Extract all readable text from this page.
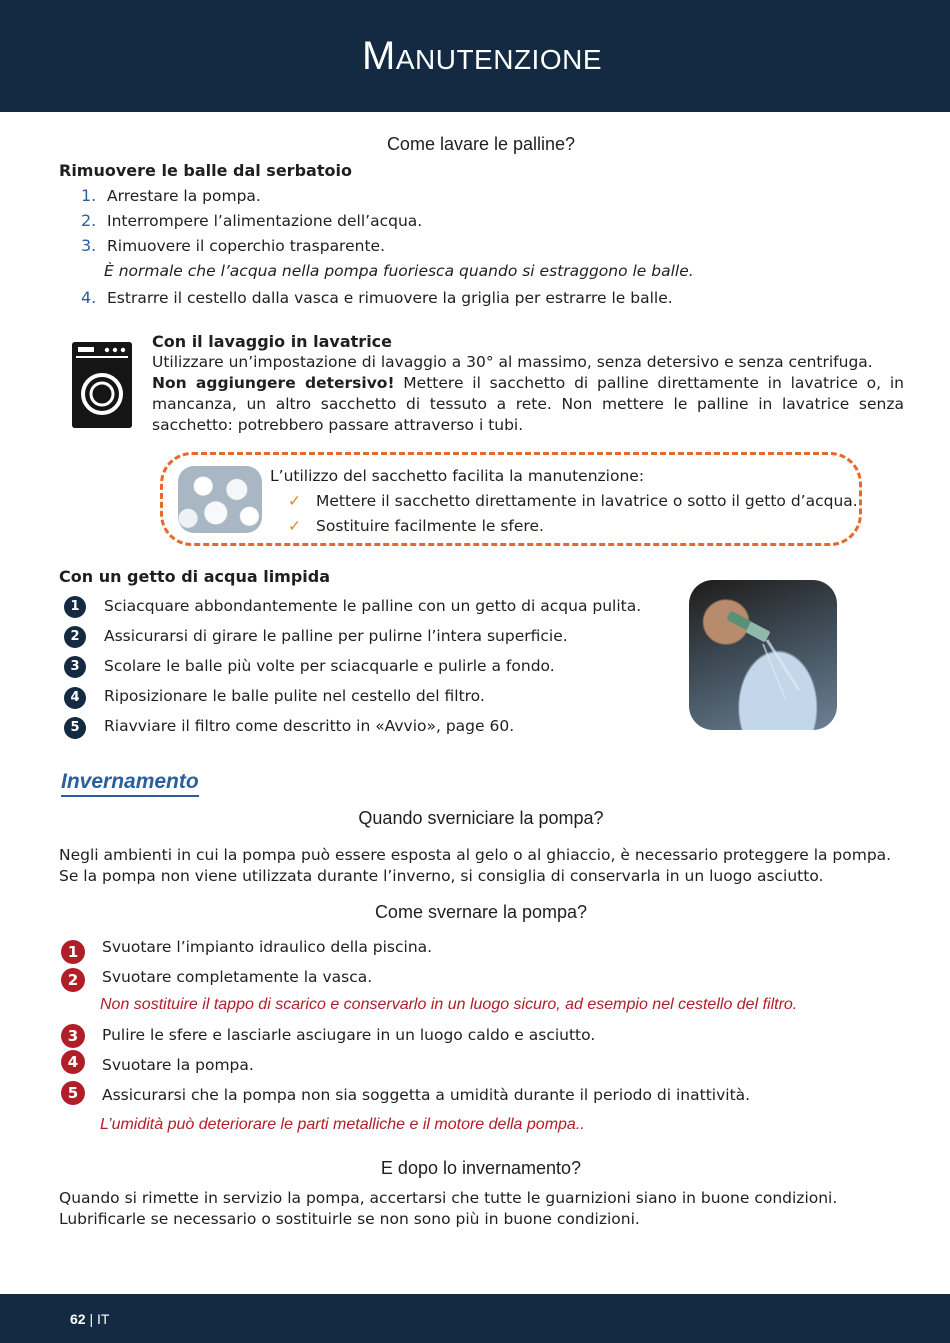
Manutenzione
Come lavare le palline?
Rimuovere le balle dal serbatoio
1. Arrestare la pompa.
2. Interrompere l’alimentazione dell’acqua.
3. Rimuovere il coperchio trasparente.
È normale che l’acqua nella pompa fuoriesca quando si estraggono le balle.
4. Estrarre il cestello dalla vasca e rimuovere la griglia per estrarre le balle.
Con il lavaggio in lavatrice
Utilizzare un’impostazione di lavaggio a 30° al massimo, senza detersivo e senza centrifuga.
Non aggiungere detersivo! Mettere il sacchetto di palline direttamente in lavatrice o, in mancanza, un altro sacchetto di tessuto a rete. Non mettere le palline in lavatrice senza sacchetto: potrebbero passare attraverso i tubi.
L’utilizzo del sacchetto facilita la manutenzione:
✓ Mettere il sacchetto direttamente in lavatrice o sotto il getto d’acqua.
✓ Sostituire facilmente le sfere.
Con un getto di acqua limpida
1	Sciacquare abbondantemente le palline con un getto di acqua pulita.
2	Assicurarsi di girare le palline per pulirne l’intera superficie.
3	Scolare le balle più volte per sciacquarle e pulirle a fondo.
4	Riposizionare le balle pulite nel cestello del filtro.
5	Riavviare il filtro come descritto in «Avvio», page 60.
Invernamento
Quando sverniciare la pompa?
Negli ambienti in cui la pompa può essere esposta al gelo o al ghiaccio, è necessario proteggere la pompa.
Se la pompa non viene utilizzata durante l’inverno, si consiglia di conservarla in un luogo asciutto.
Come svernare la pompa?
1	Svuotare l’impianto idraulico della piscina.
2	Svuotare completamente la vasca.
Non sostituire il tappo di scarico e conservarlo in un luogo sicuro, ad esempio nel cestello del filtro.
3	Pulire le sfere e lasciarle asciugare in un luogo caldo e asciutto.
4	Svuotare la pompa.
5	Assicurarsi che la pompa non sia soggetta a umidità durante il periodo di inattività.
L’umidità può deteriorare le parti metalliche e il motore della pompa..
E dopo lo invernamento?
Quando si rimette in servizio la pompa, accertarsi che tutte le guarnizioni siano in buone condizioni.
Lubrificarle se necessario o sostituirle se non sono più in buone condizioni.
62 | IT
